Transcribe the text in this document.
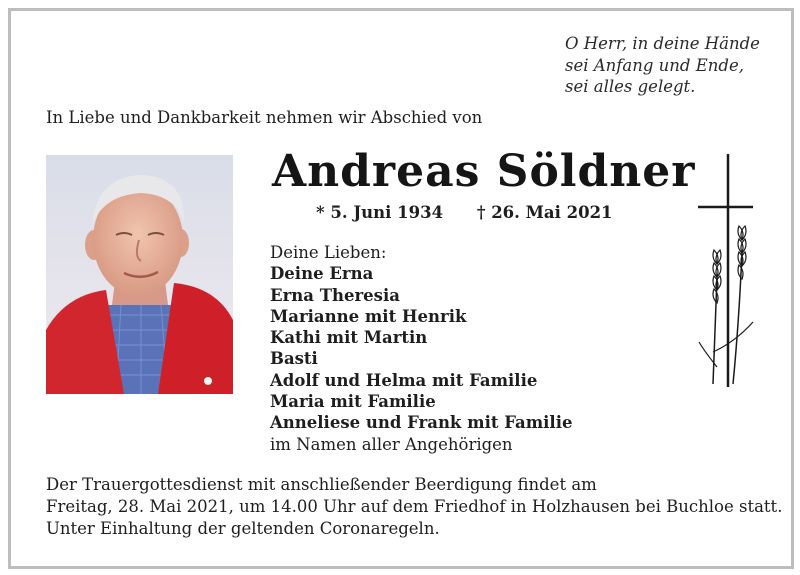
O Herr, in deine Hände
sei Anfang und Ende,
sei alles gelegt.
In Liebe und Dankbarkeit nehmen wir Abschied von
Andreas Söldner
* 5. Juni 1934 † 26. Mai 2021
Deine Lieben:
Deine Erna
Erna Theresia
Marianne mit Henrik
Kathi mit Martin
Basti
Adolf und Helma mit Familie
Maria mit Familie
Anneliese und Frank mit Familie
im Namen aller Angehörigen
Der Trauergottesdienst mit anschließender Beerdigung findet am
Freitag, 28. Mai 2021, um 14.00 Uhr auf dem Friedhof in Holzhausen bei Buchloe statt.
Unter Einhaltung der geltenden Coronaregeln.
